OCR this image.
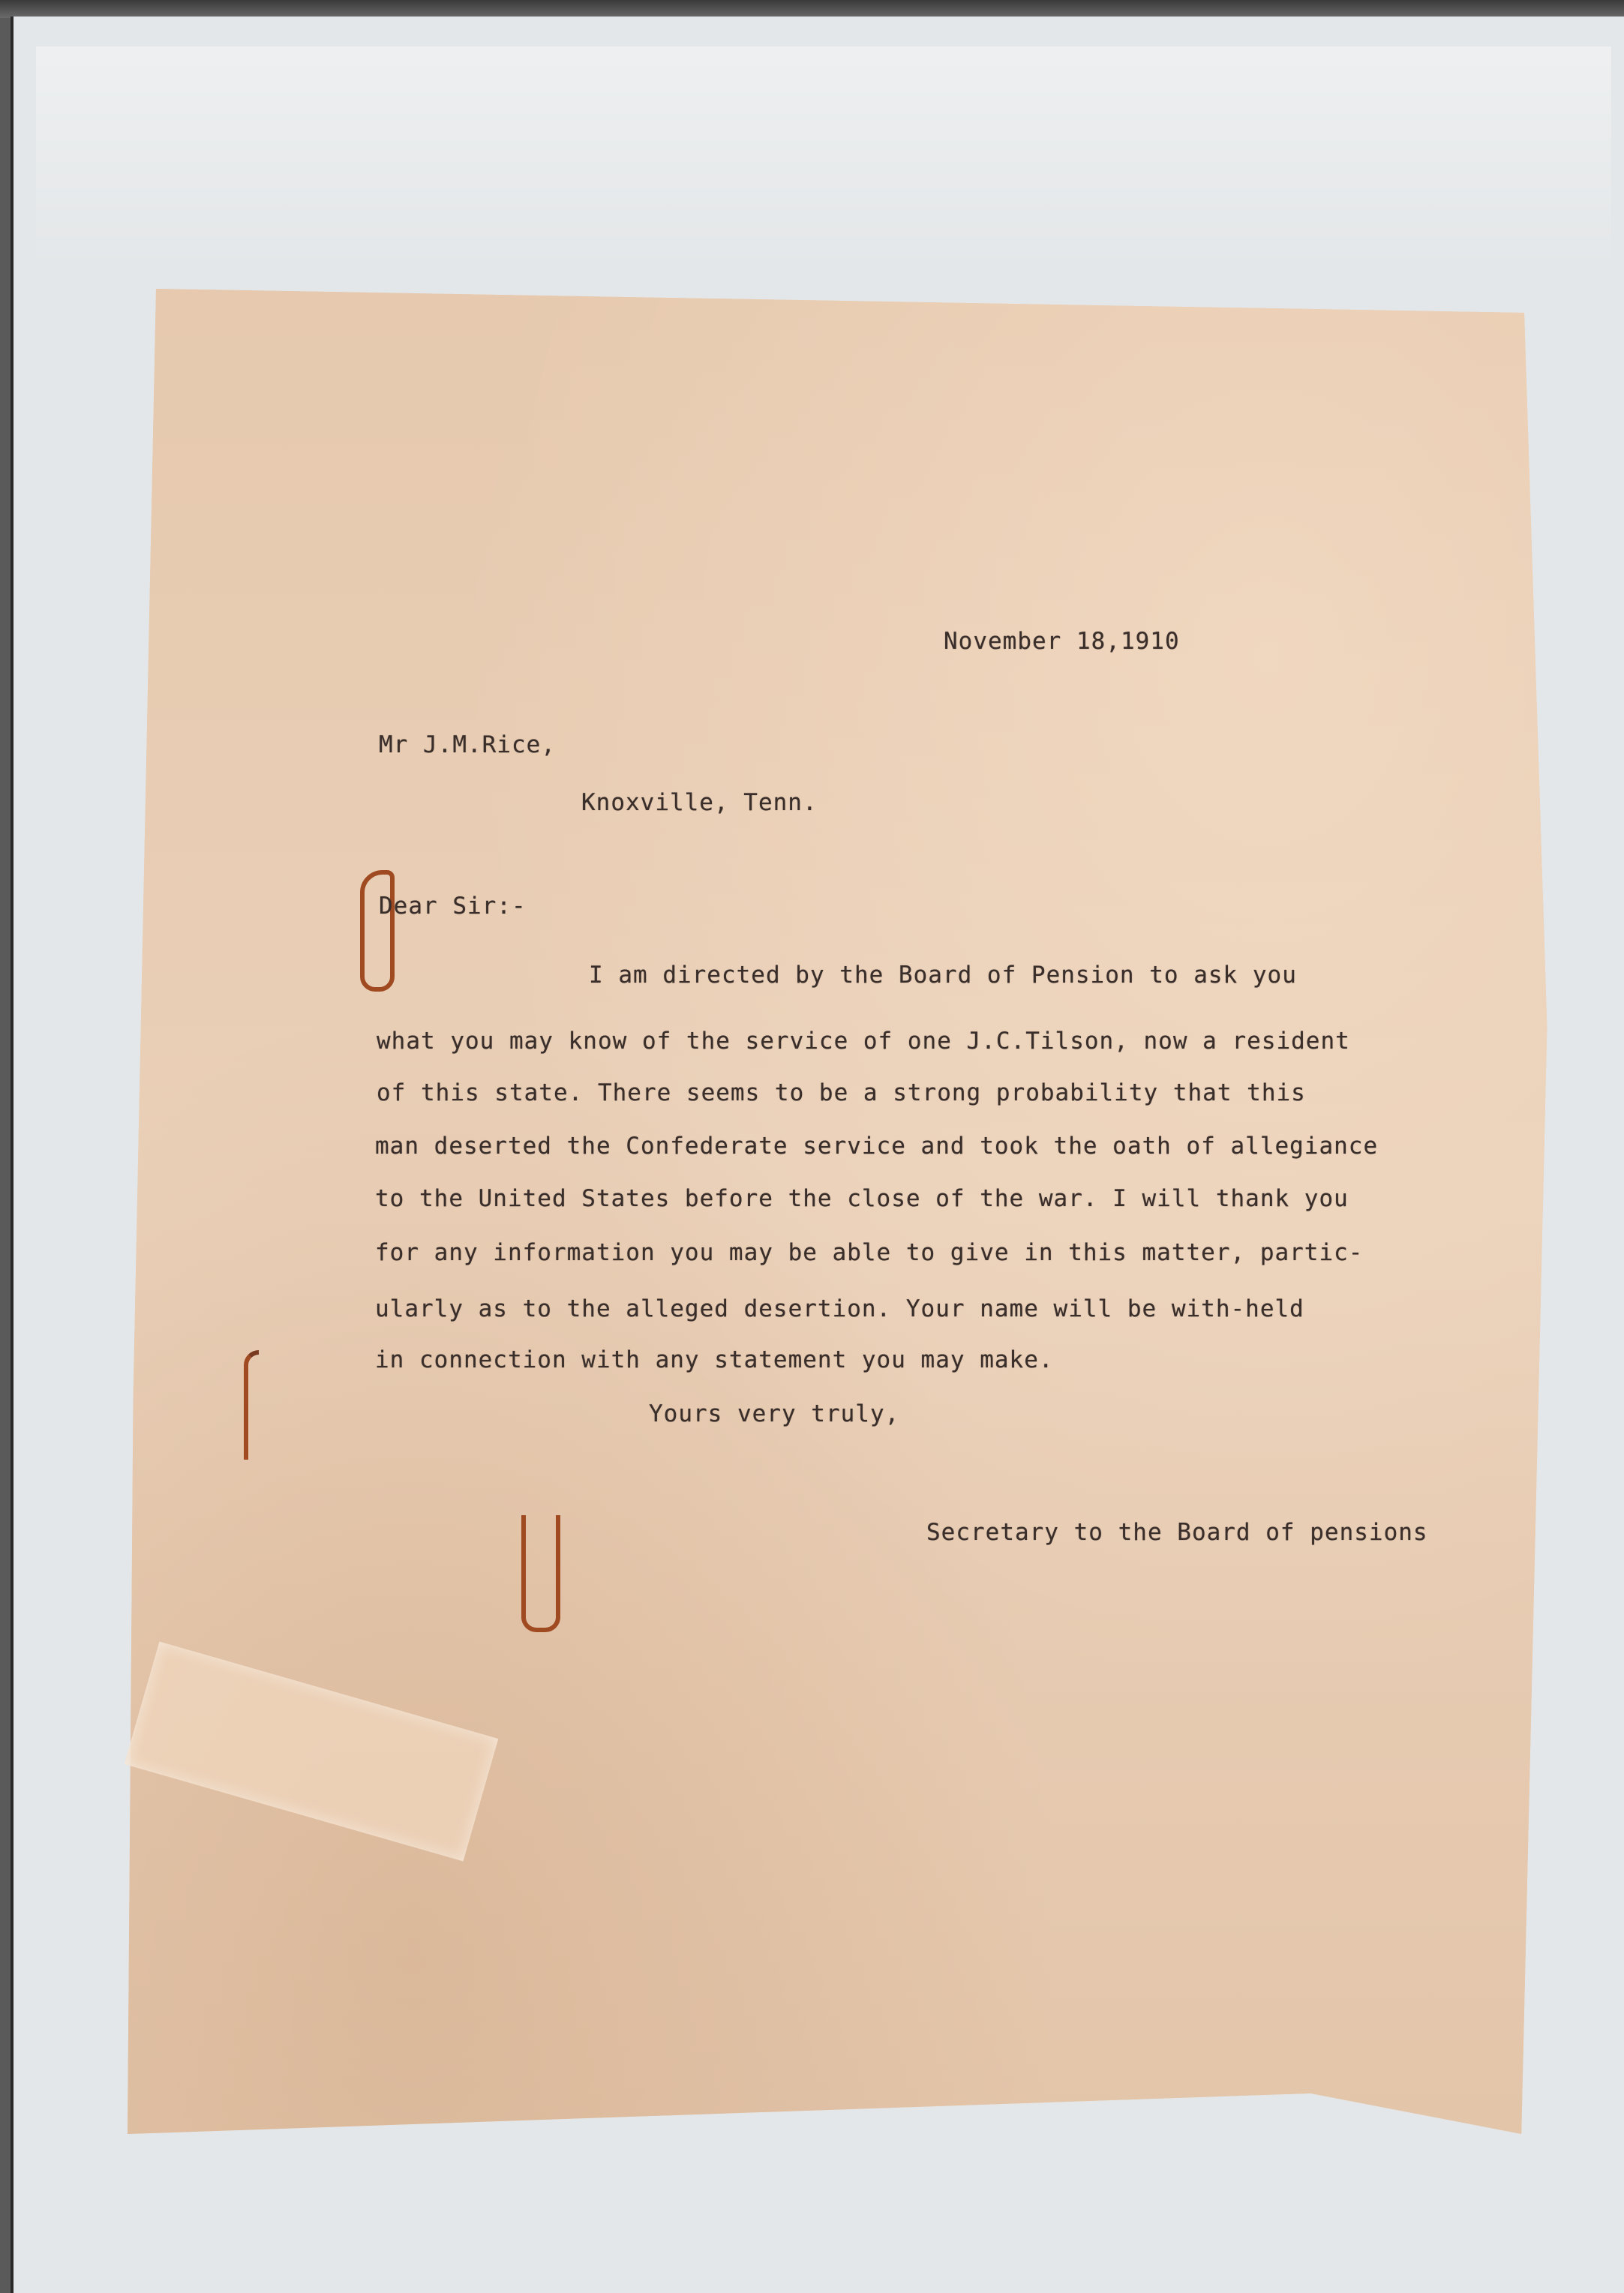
November 18,1910
Mr J.M.Rice,
Knoxville, Tenn.
Dear Sir:-
I am directed by the Board of Pension to ask you
what you may know of the service of one J.C.Tilson, now a resident
of this state. There seems to be a strong probability that this
man deserted the Confederate service and took the oath of allegiance
to the United States before the close of the war. I will thank you
for any information you may be able to give in this matter, partic-
ularly as to the alleged desertion. Your name will be with-held
in connection with any statement you may make.
Yours very truly,
Secretary to the Board of pensions
